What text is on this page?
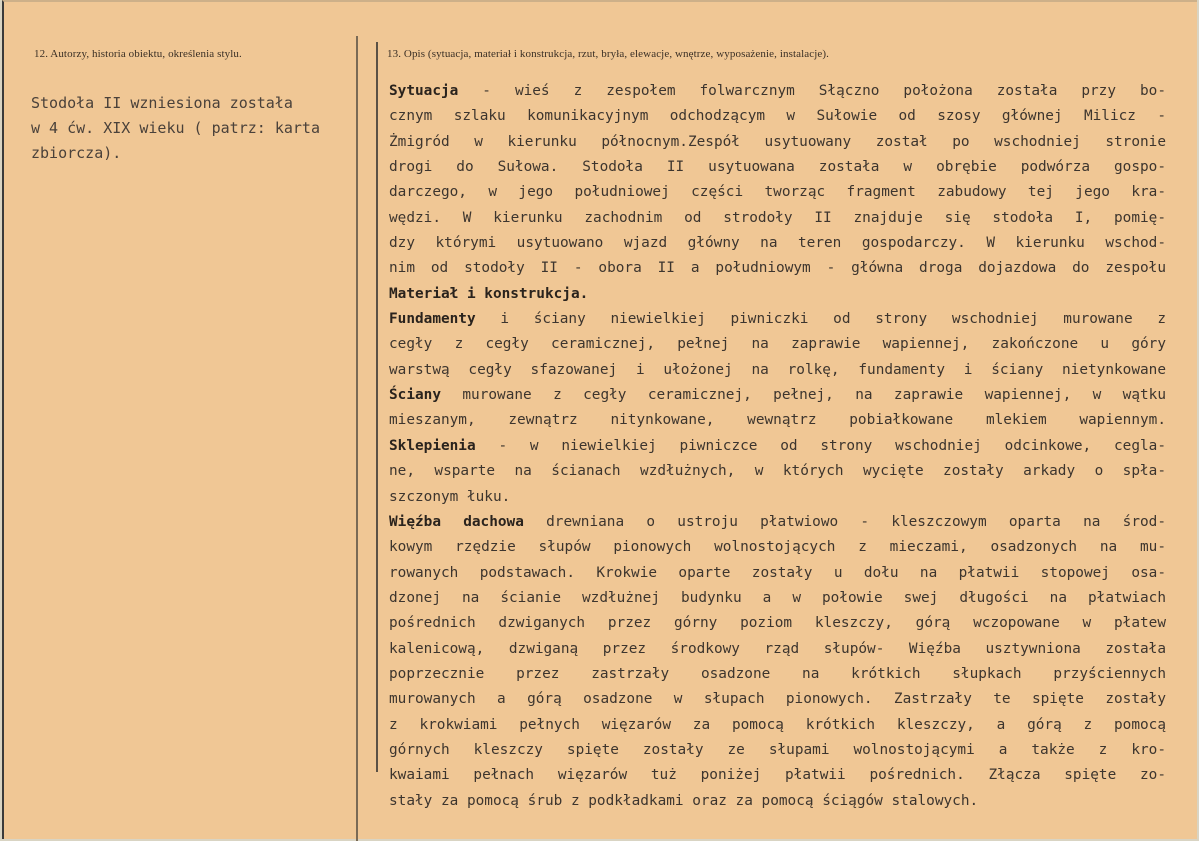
12. Autorzy, historia obiektu, określenia stylu.	13. Opis (sytuacja, materiał i konstrukcja, rzut, bryła, elewacje, wnętrze, wyposażenie, instalacje).
Stodoła II wzniesiona została
w 4 ćw. XIX wieku ( patrz: karta
zbiorcza).
Sytuacja - wieś z zespołem folwarcznym Słączno położona została przy bo-
cznym szlaku komunikacyjnym odchodzącym w Sułowie od szosy głównej Milicz -
Żmigród w kierunku północnym.Zespół usytuowany został po wschodniej stronie
drogi do Sułowa. Stodoła II usytuowana została w obrębie podwórza gospo-
darczego, w jego południowej części tworząc fragment zabudowy tej jego kra-
wędzi. W kierunku zachodnim od strodoły II znajduje się stodoła I, pomię-
dzy którymi usytuowano wjazd główny na teren gospodarczy. W kierunku wschod-
nim od stodoły II - obora II a południowym - główna droga dojazdowa do zespołu
Materiał i konstrukcja.
Fundamenty i ściany niewielkiej piwniczki od strony wschodniej murowane z
cegły z cegły ceramicznej, pełnej na zaprawie wapiennej, zakończone u góry
warstwą cegły sfazowanej i ułożonej na rolkę, fundamenty i ściany nietynkowane
Ściany murowane z cegły ceramicznej, pełnej, na zaprawie wapiennej, w wątku
mieszanym, zewnątrz nitynkowane, wewnątrz pobiałkowane mlekiem wapiennym.
Sklepienia - w niewielkiej piwniczce od strony wschodniej odcinkowe, cegla-
ne, wsparte na ścianach wzdłużnych, w których wycięte zostały arkady o spła-
szczonym łuku.
Więźba dachowa drewniana o ustroju płatwiowo - kleszczowym oparta na środ-
kowym rzędzie słupów pionowych wolnostojących z mieczami, osadzonych na mu-
rowanych podstawach. Krokwie oparte zostały u dołu na płatwii stopowej osa-
dzonej na ścianie wzdłużnej budynku a w połowie swej długości na płatwiach
pośrednich dzwiganych przez górny poziom kleszczy, górą wczopowane w płatew
kalenicową, dzwiganą przez środkowy rząd słupów- Więźba usztywniona została
poprzecznie przez zastrzały osadzone na krótkich słupkach przyściennych
murowanych a górą osadzone w słupach pionowych. Zastrzały te spięte zostały
z krokwiami pełnych więzarów za pomocą krótkich kleszczy, a górą z pomocą
górnych kleszczy spięte zostały ze słupami wolnostojącymi a także z kro-
kwaiami pełnach więzarów tuż poniżej płatwii pośrednich. Złącza spięte zo-
stały za pomocą śrub z podkładkami oraz za pomocą ściągów stalowych.
